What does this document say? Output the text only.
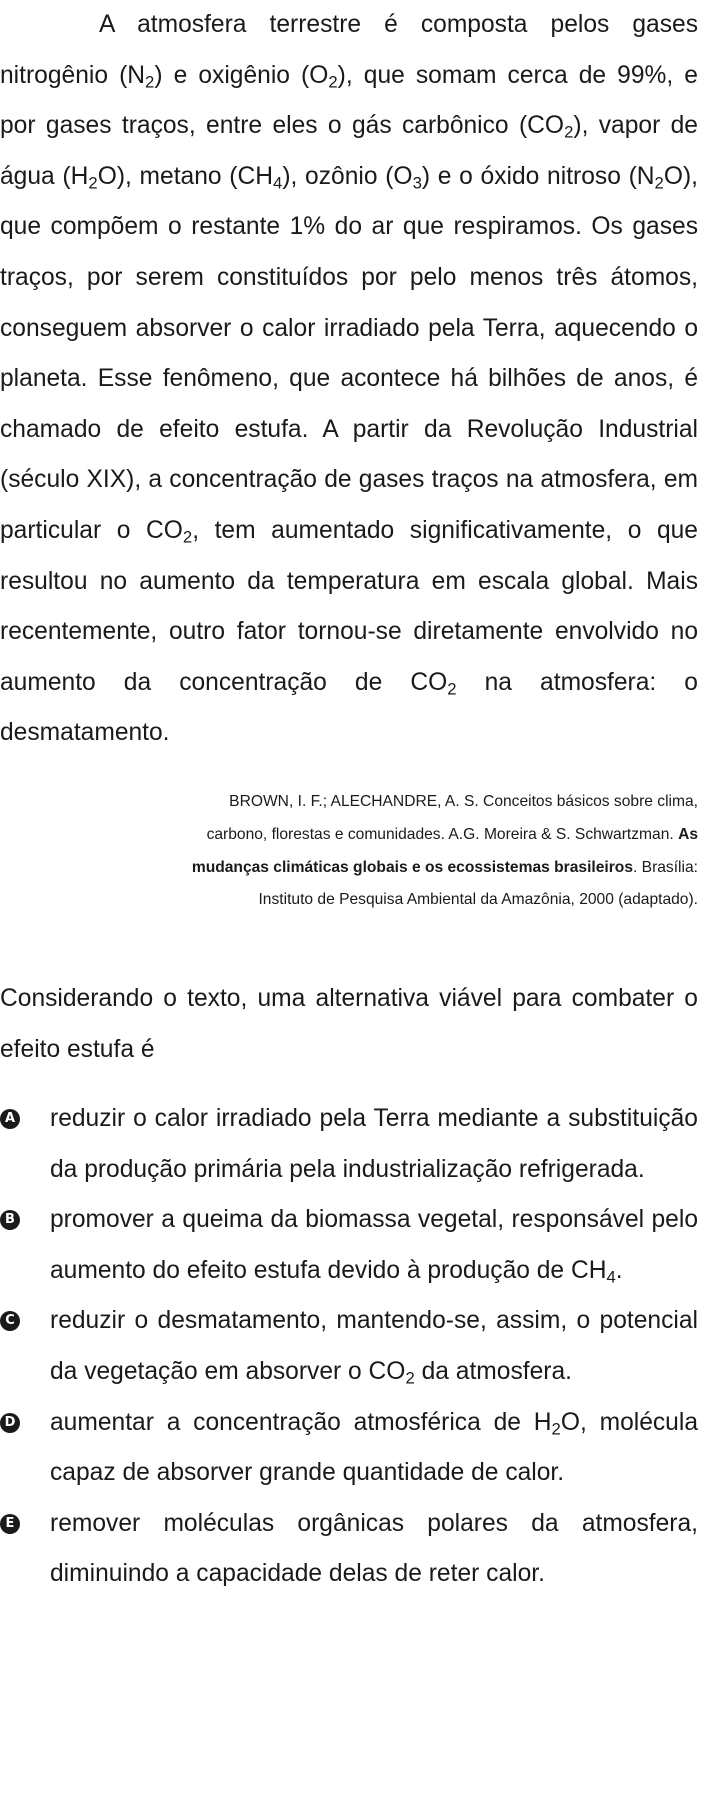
A atmosfera terrestre é composta pelos gases nitrogênio $(N_2)$ e oxigênio $(O_2)$, que somam cerca de 99%, e por gases traços, entre eles o gás carbônico $(CO_2)$, vapor de água $(H_2O)$, metano $(CH_4)$, ozônio $(O_3)$ e o óxido nitroso $(N_2O)$, que compõem o restante 1% do ar que respiramos. Os gases traços, por serem constituídos por pelo menos três átomos, conseguem absorver o calor irradiado pela Terra, aquecendo o planeta. Esse fenômeno, que acontece há bilhões de anos, é chamado de efeito estufa. A partir da Revolução Industrial (século XIX), a concentração de gases traços na atmosfera, em particular o $CO_2$, tem aumentado significativamente, o que resultou no aumento da temperatura em escala global. Mais recentemente, outro fator tornou-se diretamente envolvido no aumento da concentração de $CO_2$ na atmosfera: o desmatamento.

BROWN, I. F.; ALECHANDRE, A. S. Conceitos básicos sobre clima, carbono, florestas e comunidades. A.G. Moreira & S. Schwartzman. As mudanças climáticas globais e os ecossistemas brasileiros. Brasília: Instituto de Pesquisa Ambiental da Amazônia, 2000 (adaptado).

Considerando o texto, uma alternativa viável para combater o efeito estufa é

A reduzir o calor irradiado pela Terra mediante a substituição da produção primária pela industrialização refrigerada.
B promover a queima da biomassa vegetal, responsável pelo aumento do efeito estufa devido à produção de $CH_4$.
C reduzir o desmatamento, mantendo-se, assim, o potencial da vegetação em absorver o $CO_2$ da atmosfera.
D aumentar a concentração atmosférica de $H_2O$, molécula capaz de absorver grande quantidade de calor.
E remover moléculas orgânicas polares da atmosfera, diminuindo a capacidade delas de reter calor.
